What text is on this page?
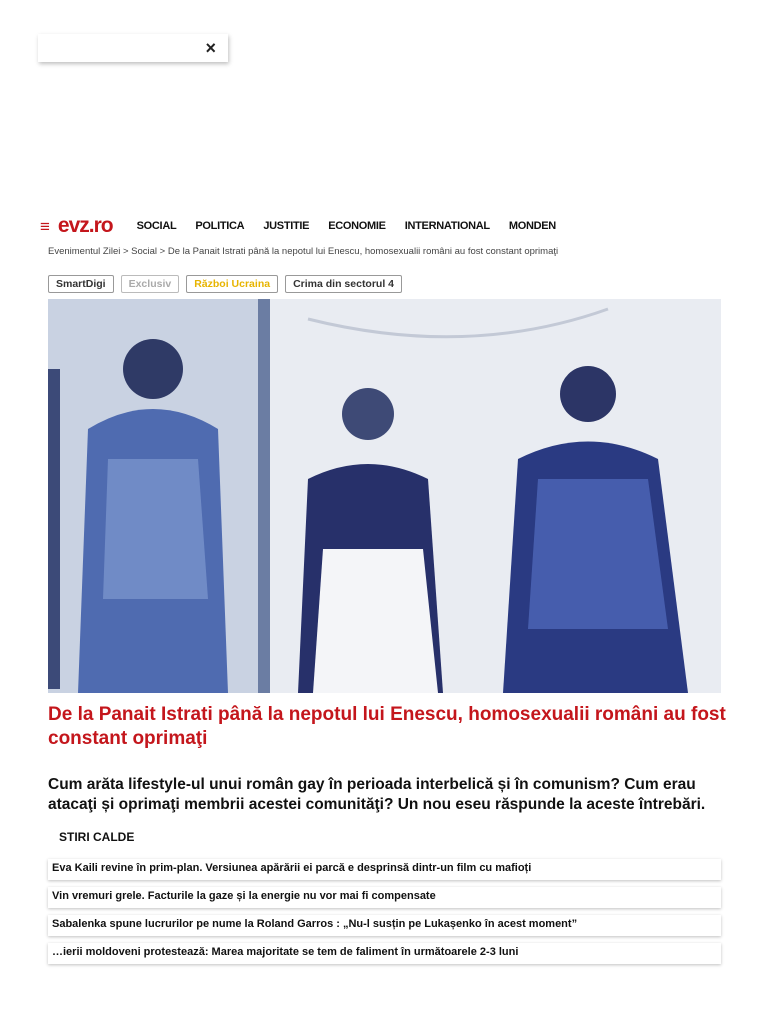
×
≡ evz.ro SOCIAL POLITICA JUSTITIE ECONOMIE INTERNATIONAL MONDEN
Evenimentul Zilei > Social > De la Panait Istrati până la nepotul lui Enescu, homosexualii români au fost constant oprimaţi
SmartDigi	Exclusiv	Război Ucraina	Crima din sectorul 4
De la Panait Istrati până la nepotul lui Enescu, homosexualii români au fost constant oprimaţi

Cum arăta lifestyle-ul unui român gay în perioada interbelică și în comunism? Cum erau atacaţi și oprimaţi membrii acestei comunităţi? Un nou eseu răspunde la aceste întrebări.

STIRI CALDE
Eva Kaili revine în prim-plan. Versiunea apărării ei parcă e desprinsă dintr-un film cu mafioți
Vin vremuri grele. Facturile la gaze și la energie nu vor mai fi compensate
Sabalenka spune lucrurilor pe nume la Roland Garros : „Nu-l susțin pe Lukașenko în acest moment”
…ierii moldoveni protestează: Marea majoritate se tem de faliment în următoarele 2-3 luni
